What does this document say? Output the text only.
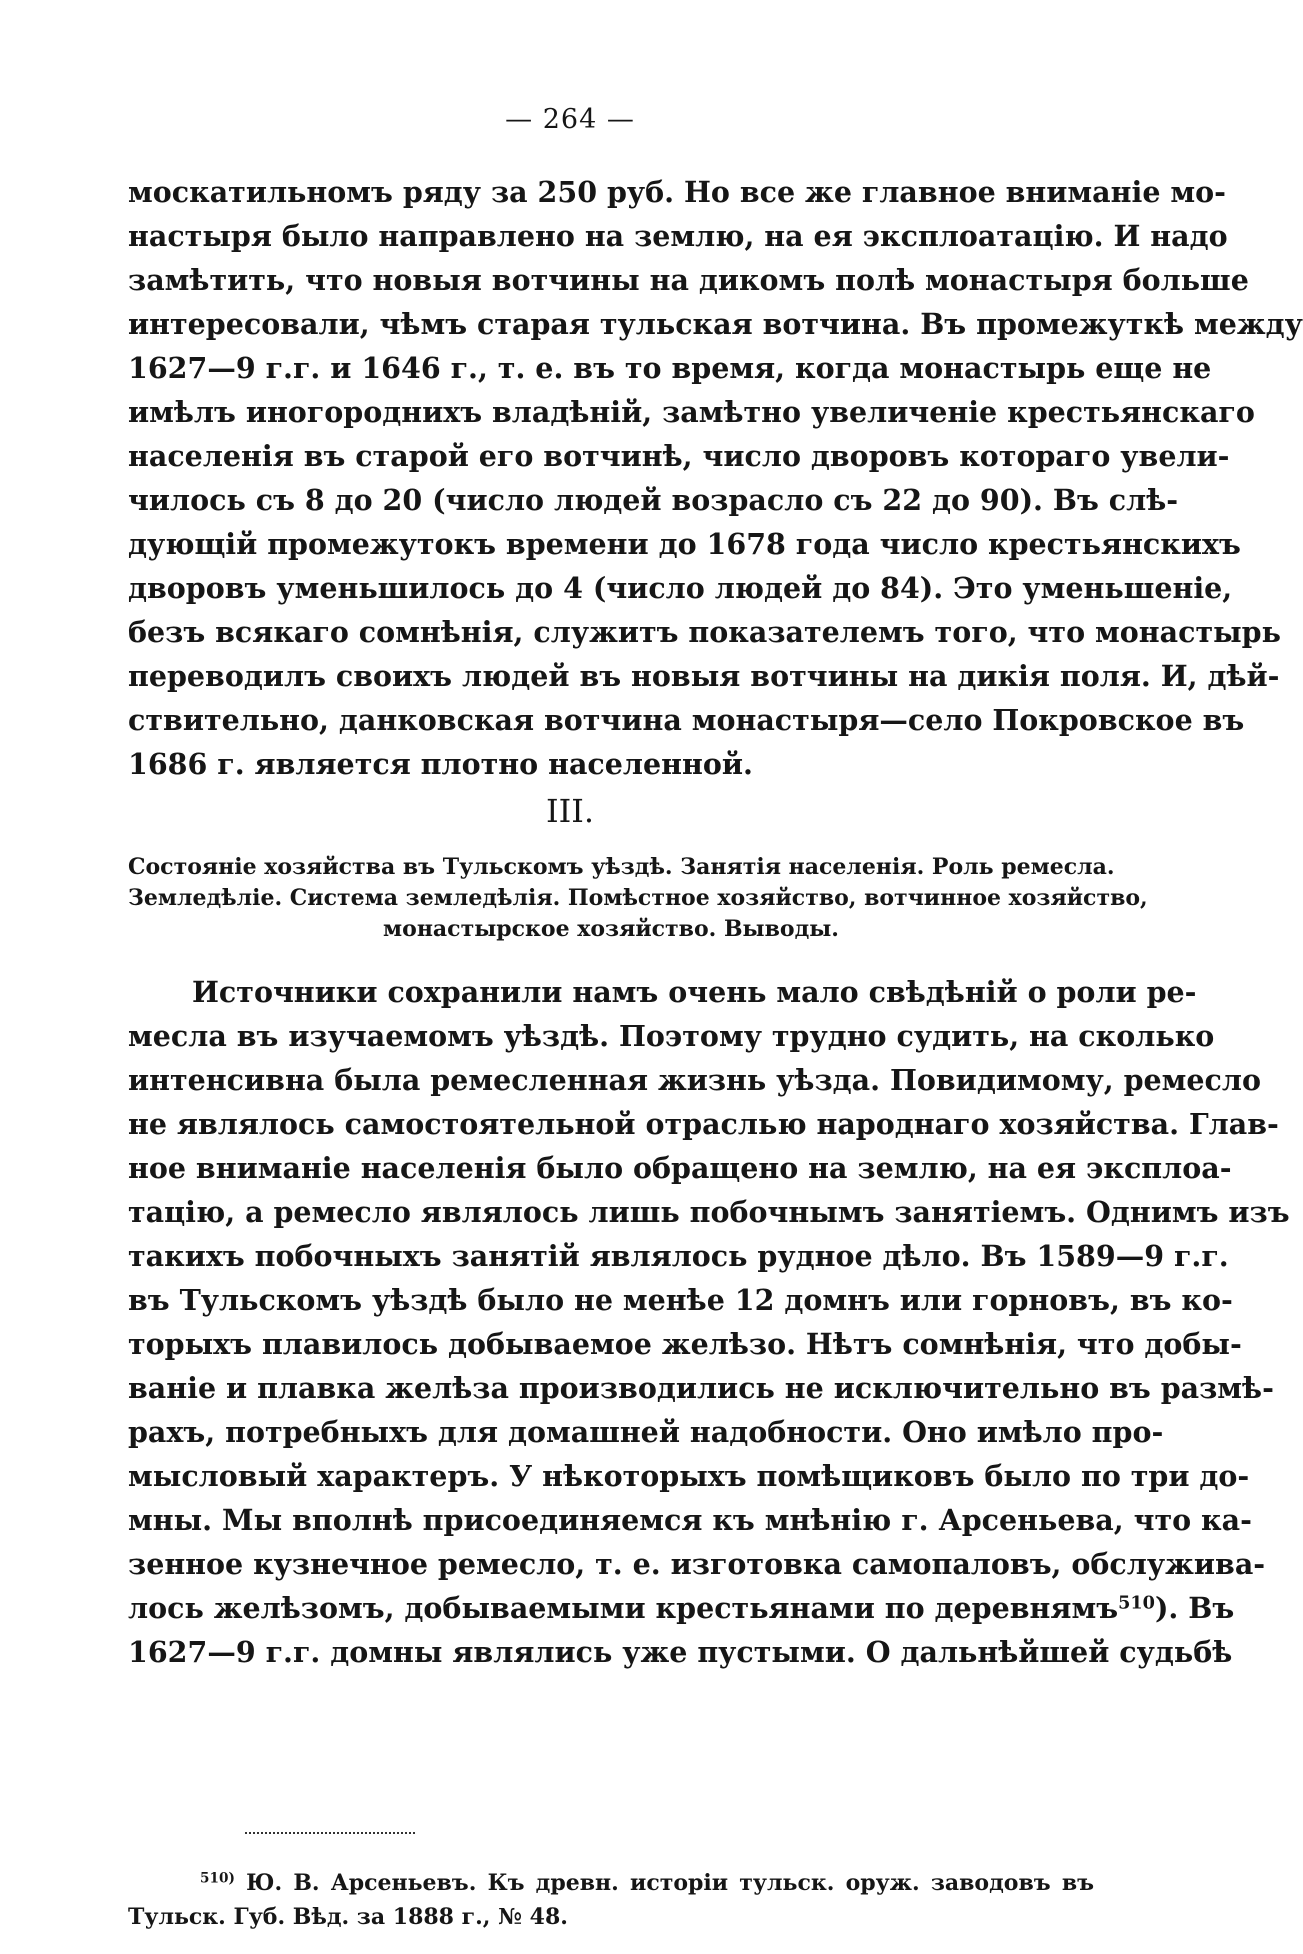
— 264 —
москатильномъ ряду за 250 руб. Но все же главное вниманіе мо-
настыря было направлено на землю, на ея эксплоатацію. И надо
замѣтить, что новыя вотчины на дикомъ полѣ монастыря больше
интересовали, чѣмъ старая тульская вотчина. Въ промежуткѣ между
1627—9 г.г. и 1646 г., т. е. въ то время, когда монастырь еще не
имѣлъ иногороднихъ владѣній, замѣтно увеличеніе крестьянскаго
населенія въ старой его вотчинѣ, число дворовъ котораго увели-
чилось съ 8 до 20 (число людей возрасло съ 22 до 90). Въ слѣ-
дующій промежутокъ времени до 1678 года число крестьянскихъ
дворовъ уменьшилось до 4 (число людей до 84). Это уменьшеніе,
безъ всякаго сомнѣнія, служитъ показателемъ того, что монастырь
переводилъ своихъ людей въ новыя вотчины на дикія поля. И, дѣй-
ствительно, данковская вотчина монастыря—село Покровское въ
1686 г. является плотно населенной.
III.
Состояніе хозяйства въ Тульскомъ уѣздѣ. Занятія населенія. Роль ремесла.
Земледѣліе. Система земледѣлія. Помѣстное хозяйство, вотчинное хозяйство,
монастырское хозяйство. Выводы.
Источники сохранили намъ очень мало свѣдѣній о роли ре-
месла въ изучаемомъ уѣздѣ. Поэтому трудно судить, на сколько
интенсивна была ремесленная жизнь уѣзда. Повидимому, ремесло
не являлось самостоятельной отраслью народнаго хозяйства. Глав-
ное вниманіе населенія было обращено на землю, на ея эксплоа-
тацію, а ремесло являлось лишь побочнымъ занятіемъ. Однимъ изъ
такихъ побочныхъ занятій являлось рудное дѣло. Въ 1589—9 г.г.
въ Тульскомъ уѣздѣ было не менѣе 12 домнъ или горновъ, въ ко-
торыхъ плавилось добываемое желѣзо. Нѣтъ сомнѣнія, что добы-
ваніе и плавка желѣза производились не исключительно въ размѣ-
рахъ, потребныхъ для домашней надобности. Оно имѣло про-
мысловый характеръ. У нѣкоторыхъ помѣщиковъ было по три до-
мны. Мы вполнѣ присоединяемся къ мнѣнію г. Арсеньева, что ка-
зенное кузнечное ремесло, т. е. изготовка самопаловъ, обслужива-
лось желѣзомъ, добываемыми крестьянами по деревнямъ$^{510}$). Въ
1627—9 г.г. домны являлись уже пустыми. О дальнѣйшей судьбѣ
$^{510)}$ Ю. В. Арсеньевъ. Къ древн. исторіи тульск. оруж. заводовъ въ
Тульск. Губ. Вѣд. за 1888 г., № 48.
